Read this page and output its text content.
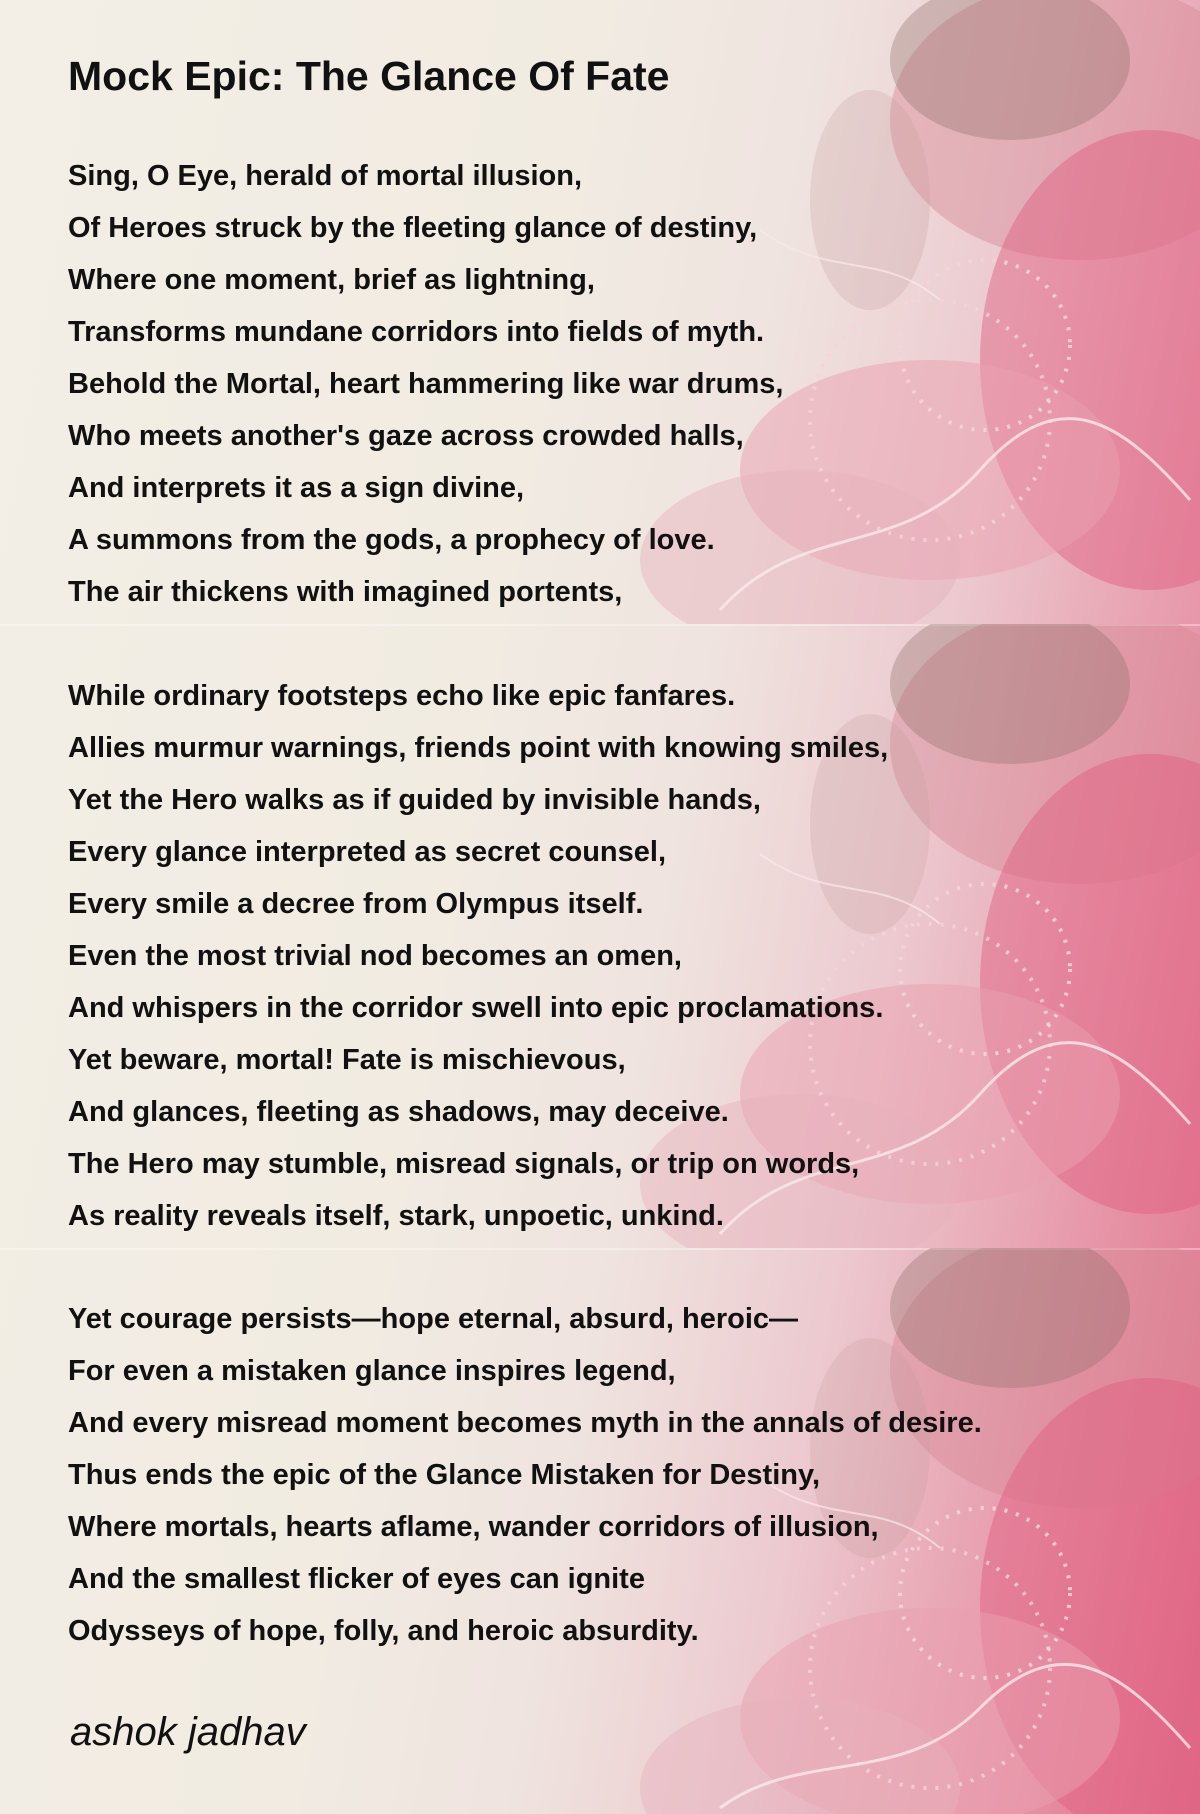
Mock Epic: The Glance Of Fate
Sing, O Eye, herald of mortal illusion,
Of Heroes struck by the fleeting glance of destiny,
Where one moment, brief as lightning,
Transforms mundane corridors into fields of myth.
Behold the Mortal, heart hammering like war drums,
Who meets another's gaze across crowded halls,
And interprets it as a sign divine,
A summons from the gods, a prophecy of love.
The air thickens with imagined portents,
While ordinary footsteps echo like epic fanfares.
Allies murmur warnings, friends point with knowing smiles,
Yet the Hero walks as if guided by invisible hands,
Every glance interpreted as secret counsel,
Every smile a decree from Olympus itself.
Even the most trivial nod becomes an omen,
And whispers in the corridor swell into epic proclamations.
Yet beware, mortal! Fate is mischievous,
And glances, fleeting as shadows, may deceive.
The Hero may stumble, misread signals, or trip on words,
As reality reveals itself, stark, unpoetic, unkind.
Yet courage persists—hope eternal, absurd, heroic—
For even a mistaken glance inspires legend,
And every misread moment becomes myth in the annals of desire.
Thus ends the epic of the Glance Mistaken for Destiny,
Where mortals, hearts aflame, wander corridors of illusion,
And the smallest flicker of eyes can ignite
Odysseys of hope, folly, and heroic absurdity.
ashok jadhav
